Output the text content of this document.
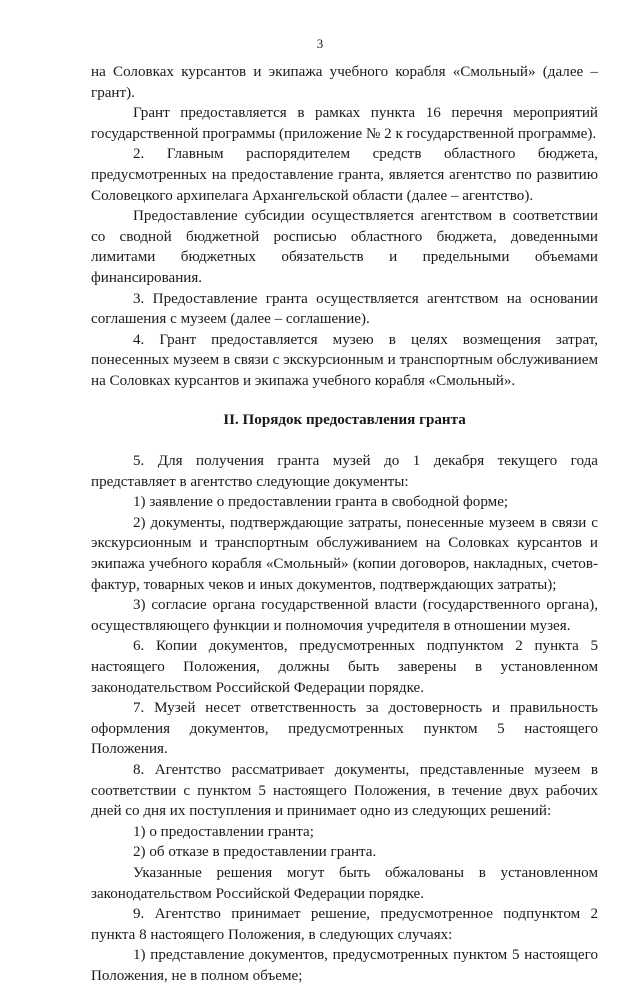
3

на Соловках курсантов и экипажа учебного корабля «Смольный» (далее – грант).

Грант предоставляется в рамках пункта 16 перечня мероприятий государственной программы (приложение № 2 к государственной программе).

2. Главным распорядителем средств областного бюджета, предусмотренных на предоставление гранта, является агентство по развитию Соловецкого архипелага Архангельской области (далее – агентство).

Предоставление субсидии осуществляется агентством в соответствии со сводной бюджетной росписью областного бюджета, доведенными лимитами бюджетных обязательств и предельными объемами финансирования.

3. Предоставление гранта осуществляется агентством на основании соглашения с музеем (далее – соглашение).

4. Грант предоставляется музею в целях возмещения затрат, понесенных музеем в связи с экскурсионным и транспортным обслуживанием на Соловках курсантов и экипажа учебного корабля «Смольный».

II. Порядок предоставления гранта

5. Для получения гранта музей до 1 декабря текущего года представляет в агентство следующие документы:

1) заявление о предоставлении гранта в свободной форме;

2) документы, подтверждающие затраты, понесенные музеем в связи с экскурсионным и транспортным обслуживанием на Соловках курсантов и экипажа учебного корабля «Смольный» (копии договоров, накладных, счетов-фактур, товарных чеков и иных документов, подтверждающих затраты);

3) согласие органа государственной власти (государственного органа), осуществляющего функции и полномочия учредителя в отношении музея.

6. Копии документов, предусмотренных подпунктом 2 пункта 5 настоящего Положения, должны быть заверены в установленном законодательством Российской Федерации порядке.

7. Музей несет ответственность за достоверность и правильность оформления документов, предусмотренных пунктом 5 настоящего Положения.

8. Агентство рассматривает документы, представленные музеем в соответствии с пунктом 5 настоящего Положения, в течение двух рабочих дней со дня их поступления и принимает одно из следующих решений:

1) о предоставлении гранта;

2) об отказе в предоставлении гранта.

Указанные решения могут быть обжалованы в установленном законодательством Российской Федерации порядке.

9. Агентство принимает решение, предусмотренное подпунктом 2 пункта 8 настоящего Положения, в следующих случаях:

1) представление документов, предусмотренных пунктом 5 настоящего Положения, не в полном объеме;
